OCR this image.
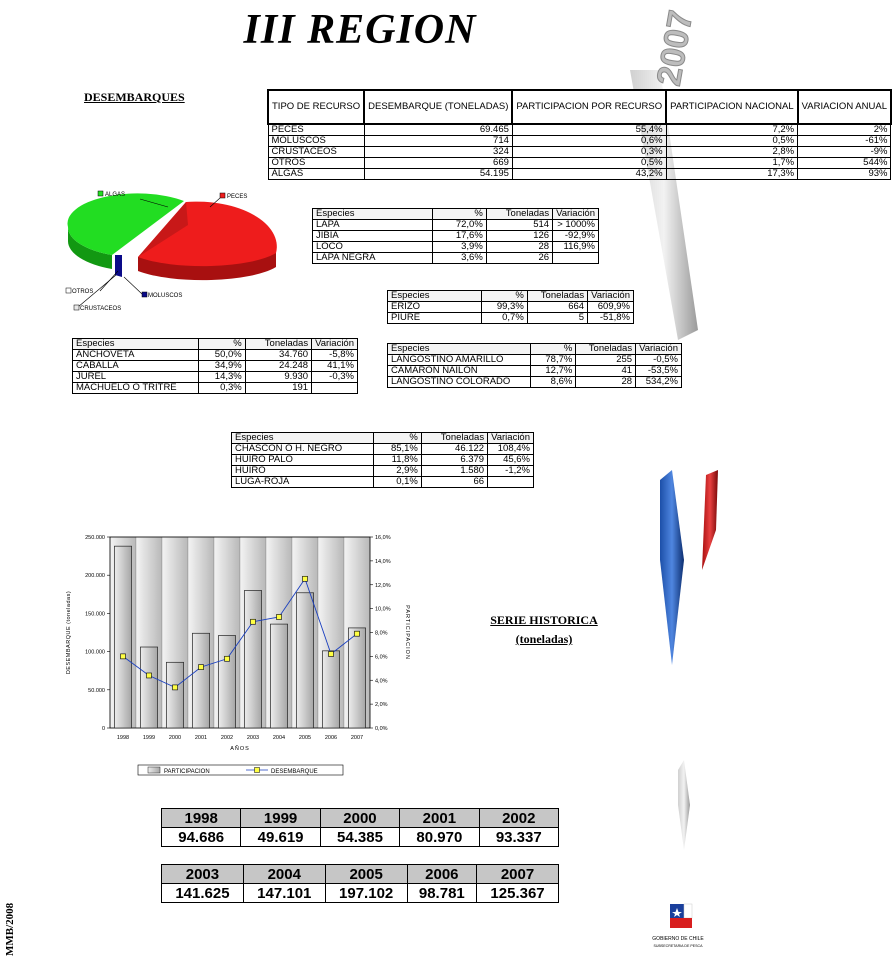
III REGION	2007
DESEMBARQUES
TIPO DE RECURSO	DESEMBARQUE (TONELADAS)	PARTICIPACION POR RECURSO	PARTICIPACION NACIONAL	VARIACION ANUAL
PECES	69.465	55,4%	7,2%	2%
MOLUSCOS	714	0,6%	0,5%	-61%
CRUSTACEOS	324	0,3%	2,8%	-9%
OTROS	669	0,5%	1,7%	544%
ALGAS	54.195	43,2%	17,3%	93%
ALGAS	PECES
OTROS
MOLUSCOS
CRUSTACEOS
Especies	%	Toneladas	Variación
LAPA	72,0%	514	> 1000%
JIBIA	17,6%	126	-92,9%
LOCO	3,9%	28	116,9%
LAPA NEGRA	3,6%	26	
Especies	%	Toneladas	Variación
ERIZO	99,3%	664	609,9%
PIURE	0,7%	5	-51,8%
Especies	%	Toneladas	Variación
ANCHOVETA	50,0%	34.760	-5,8%
CABALLA	34,9%	24.248	41,1%
JUREL	14,3%	9.930	-0,3%
MACHUELO O TRITRE	0,3%	191	
Especies	%	Toneladas	Variación
LANGOSTINO AMARILLO	78,7%	255	-0,5%
CAMARON NAILON	12,7%	41	-53,5%
LANGOSTINO COLORADO	8,6%	28	534,2%
Especies	%	Toneladas	Variación
CHASCON O H. NEGRO	85,1%	46.122	108,4%
HUIRO PALO	11,8%	6.379	45,6%
HUIRO	2,9%	1.580	-1,2%
LUGA-ROJA	0,1%	66	
0
50.000
100.000
150.000
200.000
250.000
0,0%
2,0%
4,0%
6,0%
8,0%
10,0%
12,0%
14,0%
16,0%
1998	1999	2000	2001	2002	2003	2004	2005	2006	2007
AÑOS
DESEMBARQUE (toneladas)	PARTICIPACION
PARTICIPACION	DESEMBARQUE
SERIE HISTORICA
(toneladas)
1998	1999	2000	2001	2002
94.686	49.619	54.385	80.970	93.337
2003	2004	2005	2006	2007
141.625	147.101	197.102	98.781	125.367
MMB/2008	GOBIERNO DE CHILE
SUBSECRETARIA DE PESCA
